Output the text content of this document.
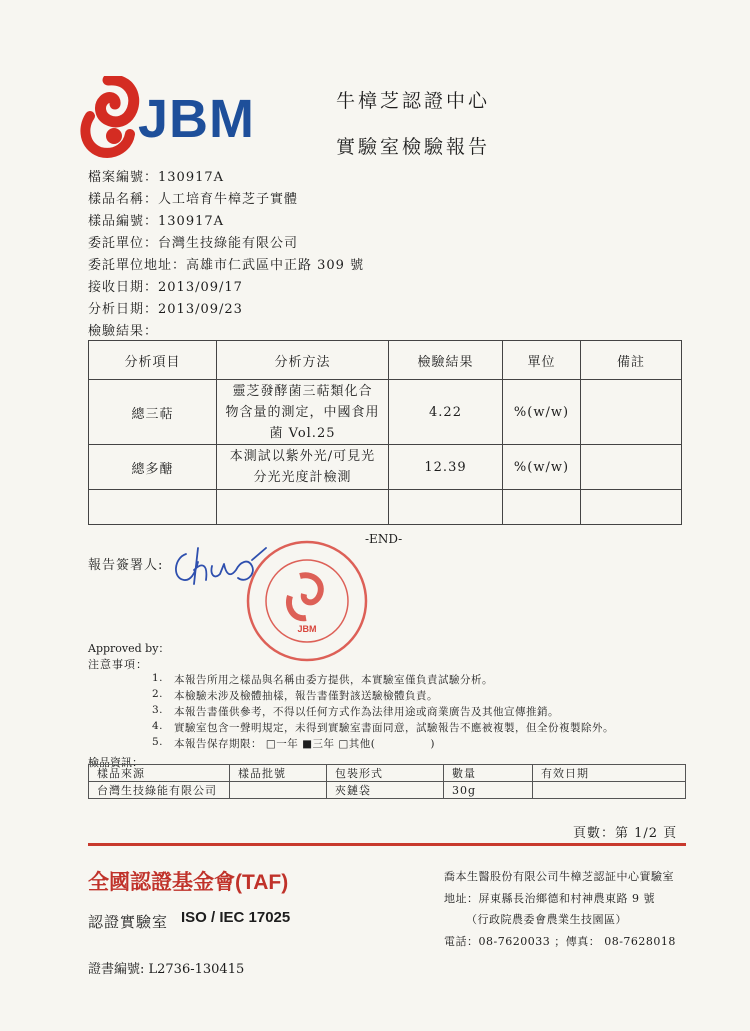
JBM	牛樟芝認證中心
實驗室檢驗報告
檔案編號：130917A
樣品名稱：人工培育牛樟芝子實體
樣品編號：130917A
委託單位：台灣生技綠能有限公司
委託單位地址：高雄市仁武區中正路 309 號
接收日期：2013/09/17
分析日期：2013/09/23
檢驗結果：
分析項目	分析方法	檢驗結果	單位	備註
總三萜	靈芝發酵菌三萜類化合
物含量的測定，中國食用
菌 Vol.25	4.22	%(w/w)	
總多醣	本測試以紫外光/可見光
分光光度計檢測	12.39	%(w/w)	

-END-
報告簽署人:
JBM
Approved by：
注意事項：
1. 本報告所用之樣品與名稱由委方提供，本實驗室僅負責試驗分析。
2. 本檢驗未涉及檢體抽樣，報告書僅對該送驗檢體負責。
3. 本報告書僅供參考，不得以任何方式作為法律用途或商業廣告及其他宣傳推銷。
4. 實驗室包含一聲明規定，未得到實驗室書面同意，試驗報告不應被複製，但全份複製除外。
5. 本報告保存期限： □一年 ■三年 □其他(　　　　　)
檢品資訊：
樣品來源	樣品批號	包裝形式	數量	有效日期
台灣生技綠能有限公司		夾鏈袋	30g	
頁數：第 1/2 頁
全國認證基金會(TAF)
認證實驗室 ISO / IEC 17025
證書編號: L2736-130415
喬本生醫股份有限公司牛樟芝認証中心實驗室
地址：屏東縣長治鄉德和村神農東路 9 號
（行政院農委會農業生技園區）
電話：08-7620033 ；傳真： 08-7628018
